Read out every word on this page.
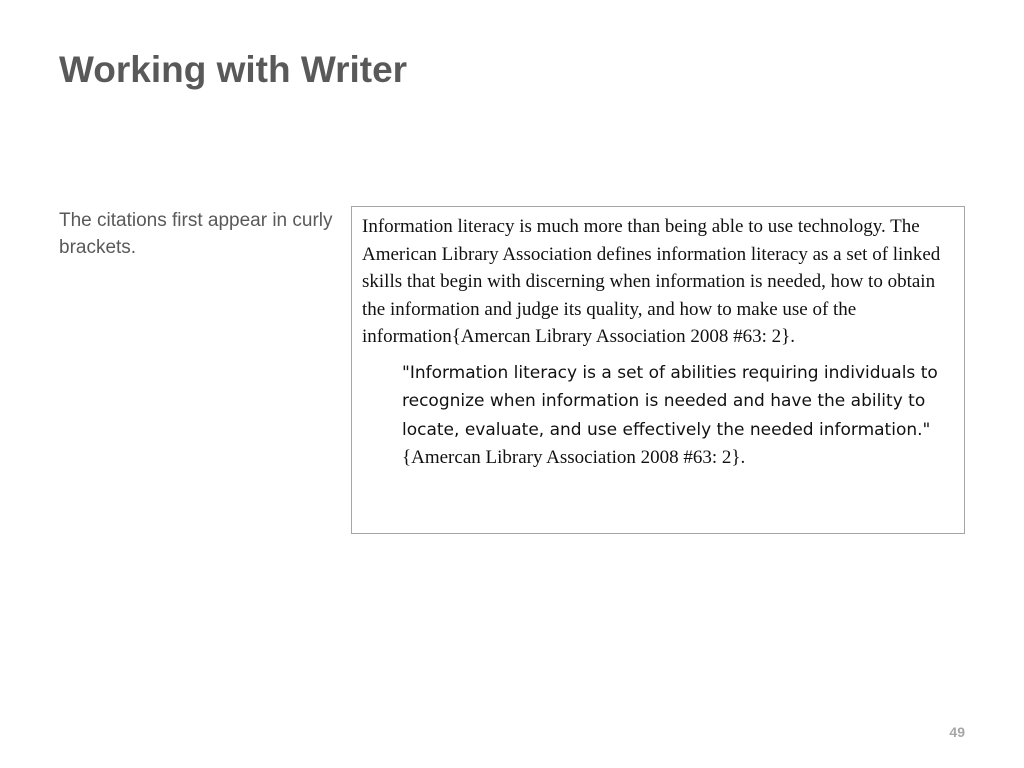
Working with Writer

The citations first appear in curly brackets.

Information literacy is much more than being able to use technology. The American Library Association defines information literacy as a set of linked skills that begin with discerning when information is needed, how to obtain the information and judge its quality, and how to make use of the information{Amercan Library Association 2008 #63: 2}.

"Information literacy is a set of abilities requiring individuals to recognize when information is needed and have the ability to locate, evaluate, and use effectively the needed information." {Amercan Library Association 2008 #63: 2}.

49
